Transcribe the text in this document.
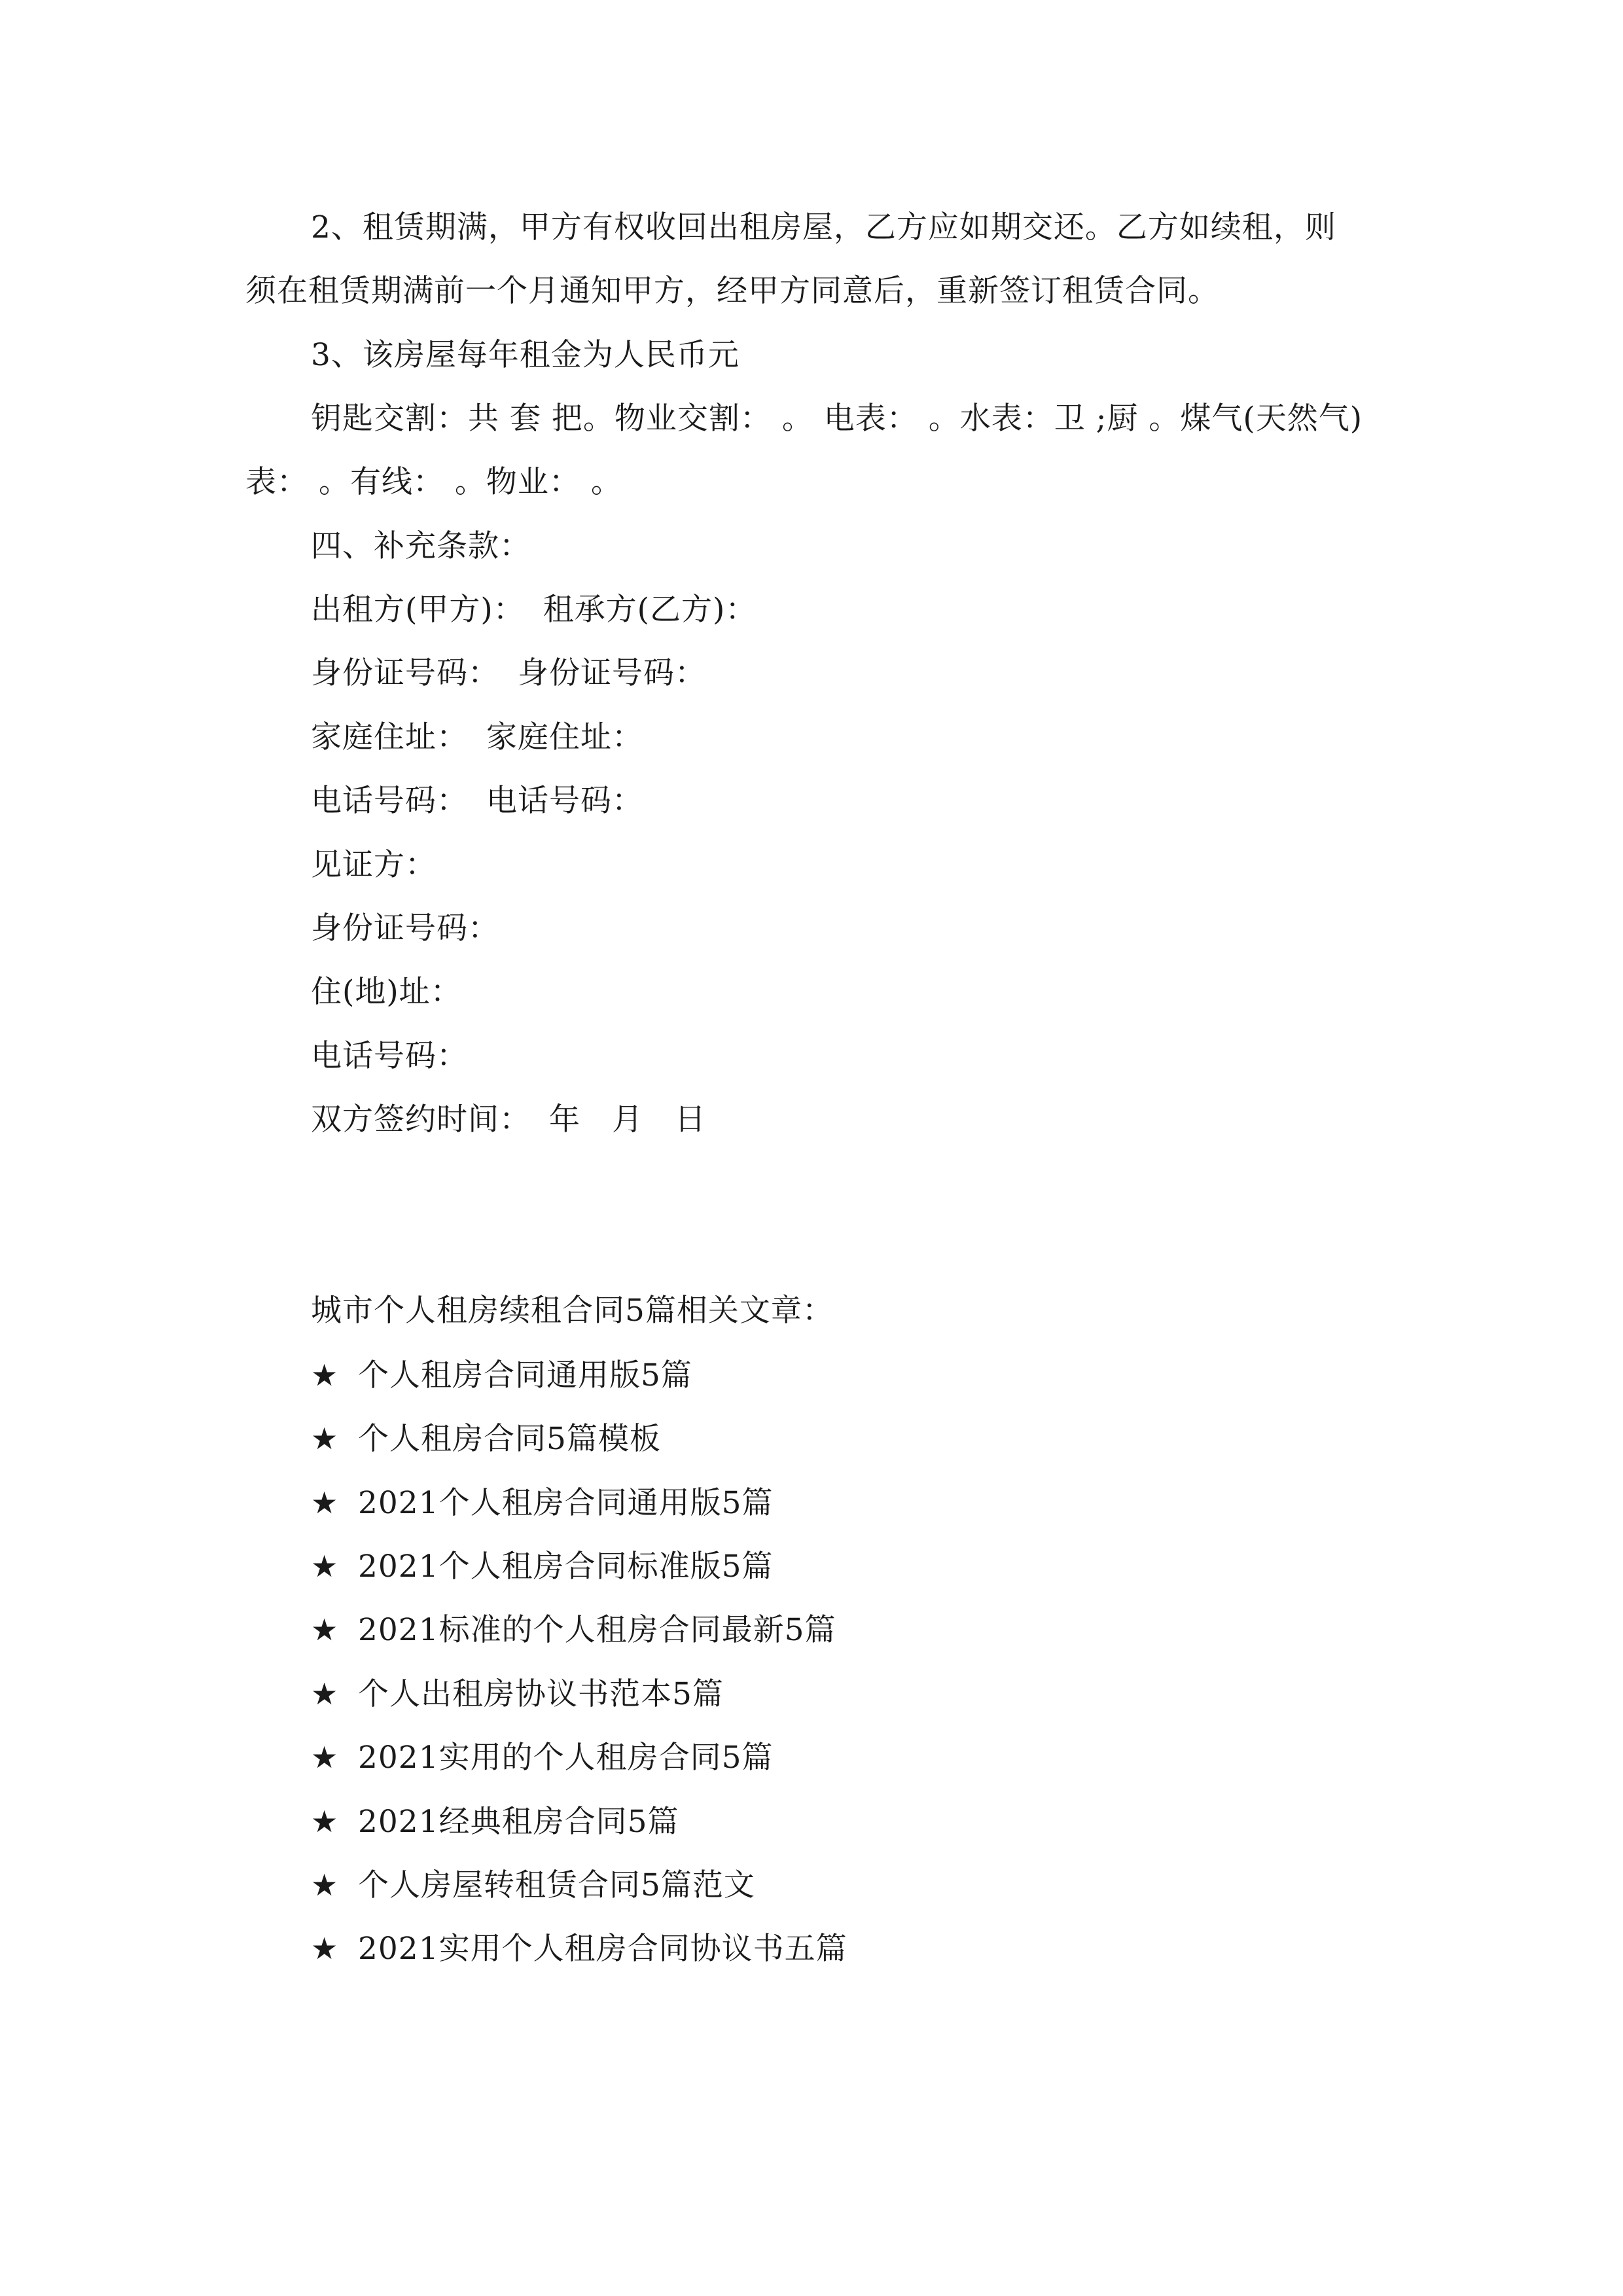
2、租赁期满，甲方有权收回出租房屋，乙方应如期交还。乙方如续租，则
须在租赁期满前一个月通知甲方，经甲方同意后，重新签订租赁合同。
3、该房屋每年租金为人民币元
钥匙交割：共 套 把。物业交割： 。 电表： 。水表：卫 ;厨 。煤气(天然气)
表： 。有线： 。物业： 。
四、补充条款：
出租方(甲方)： 租承方(乙方)：
身份证号码： 身份证号码：
家庭住址： 家庭住址：
电话号码： 电话号码：
见证方：
身份证号码：
住(地)址：
电话号码：
双方签约时间： 年 月 日
城市个人租房续租合同5篇相关文章：
★ 个人租房合同通用版5篇
★ 个人租房合同5篇模板
★ 2021个人租房合同通用版5篇
★ 2021个人租房合同标准版5篇
★ 2021标准的个人租房合同最新5篇
★ 个人出租房协议书范本5篇
★ 2021实用的个人租房合同5篇
★ 2021经典租房合同5篇
★ 个人房屋转租赁合同5篇范文
★ 2021实用个人租房合同协议书五篇
